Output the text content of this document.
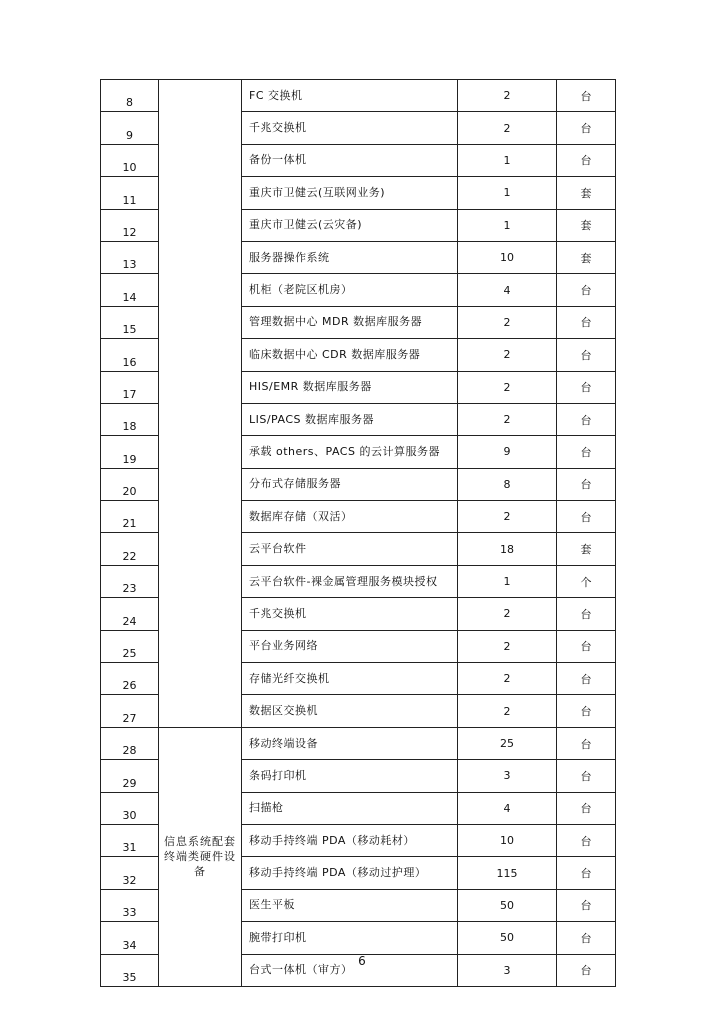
8		FC 交换机	2	台
9		千兆交换机	2	台
10		备份一体机	1	台
11		重庆市卫健云(互联网业务)	1	套
12		重庆市卫健云(云灾备)	1	套
13		服务器操作系统	10	套
14		机柜（老院区机房）	4	台
15		管理数据中心 MDR 数据库服务器	2	台
16		临床数据中心 CDR 数据库服务器	2	台
17		HIS/EMR 数据库服务器	2	台
18		LIS/PACS 数据库服务器	2	台
19		承载 others、PACS 的云计算服务器	9	台
20		分布式存储服务器	8	台
21		数据库存储（双活）	2	台
22		云平台软件	18	套
23		云平台软件-裸金属管理服务模块授权	1	个
24		千兆交换机	2	台
25		平台业务网络	2	台
26		存储光纤交换机	2	台
27		数据区交换机	2	台
28	信息系统配套终端类硬件设备	移动终端设备	25	台
29		条码打印机	3	台
30		扫描枪	4	台
31		移动手持终端 PDA（移动耗材）	10	台
32		移动手持终端 PDA（移动过护理）	115	台
33		医生平板	50	台
34		腕带打印机	50	台
35		台式一体机（审方）	3	台
6
